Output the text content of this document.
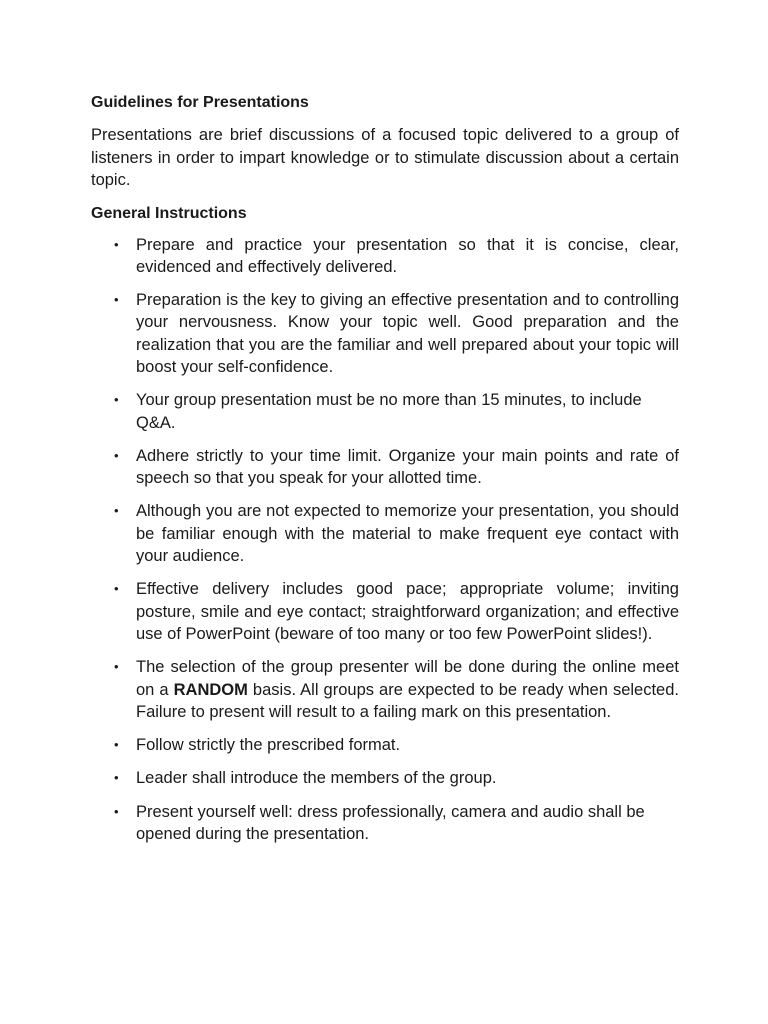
Guidelines for Presentations

Presentations are brief discussions of a focused topic delivered to a group of listeners in order to impart knowledge or to stimulate discussion about a certain topic.

General Instructions
• Prepare and practice your presentation so that it is concise, clear, evidenced and effectively delivered.
• Preparation is the key to giving an effective presentation and to controlling your nervousness. Know your topic well. Good preparation and the realization that you are the familiar and well prepared about your topic will boost your self-confidence.
• Your group presentation must be no more than 15 minutes, to include Q&A.
• Adhere strictly to your time limit. Organize your main points and rate of speech so that you speak for your allotted time.
• Although you are not expected to memorize your presentation, you should be familiar enough with the material to make frequent eye contact with your audience.
• Effective delivery includes good pace; appropriate volume; inviting posture, smile and eye contact; straightforward organization; and effective use of PowerPoint (beware of too many or too few PowerPoint slides!).
• The selection of the group presenter will be done during the online meet on a RANDOM basis. All groups are expected to be ready when selected. Failure to present will result to a failing mark on this presentation.
• Follow strictly the prescribed format.
• Leader shall introduce the members of the group.
• Present yourself well: dress professionally, camera and audio shall be opened during the presentation.
